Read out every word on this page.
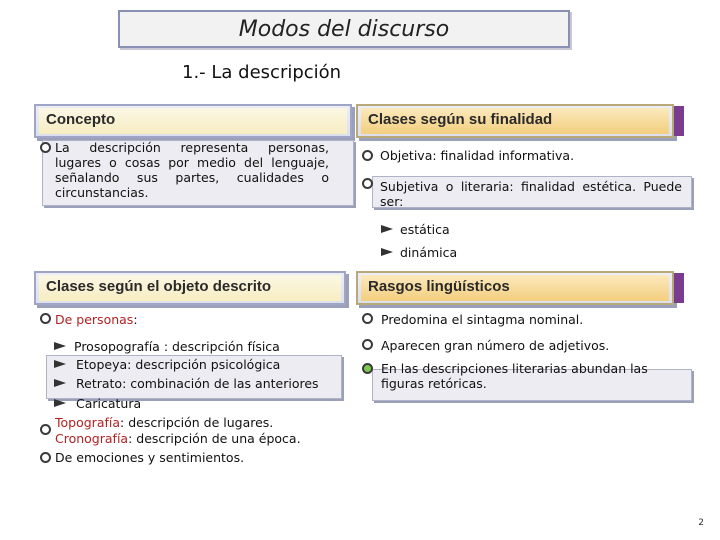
Modos del discurso
1.- La descripción
Concepto
La descripción representa personas, lugares o cosas por medio del lenguaje, señalando sus partes, cualidades o circunstancias.
Clases según su finalidad
Objetiva: finalidad informativa.
Subjetiva o literaria: finalidad estética. Puede ser:
estática
dinámica
Clases según el objeto descrito	Rasgos lingüísticos
De personas:
Prosopografía : descripción física
Etopeya: descripción psicológica
Retrato: combinación de las anteriores
Caricatura
Topografía: descripción de lugares.
Cronografía: descripción de una época.
De emociones y sentimientos.
Predomina el sintagma nominal.
Aparecen gran número de adjetivos.
En las descripciones literarias abundan las figuras retóricas.
2
